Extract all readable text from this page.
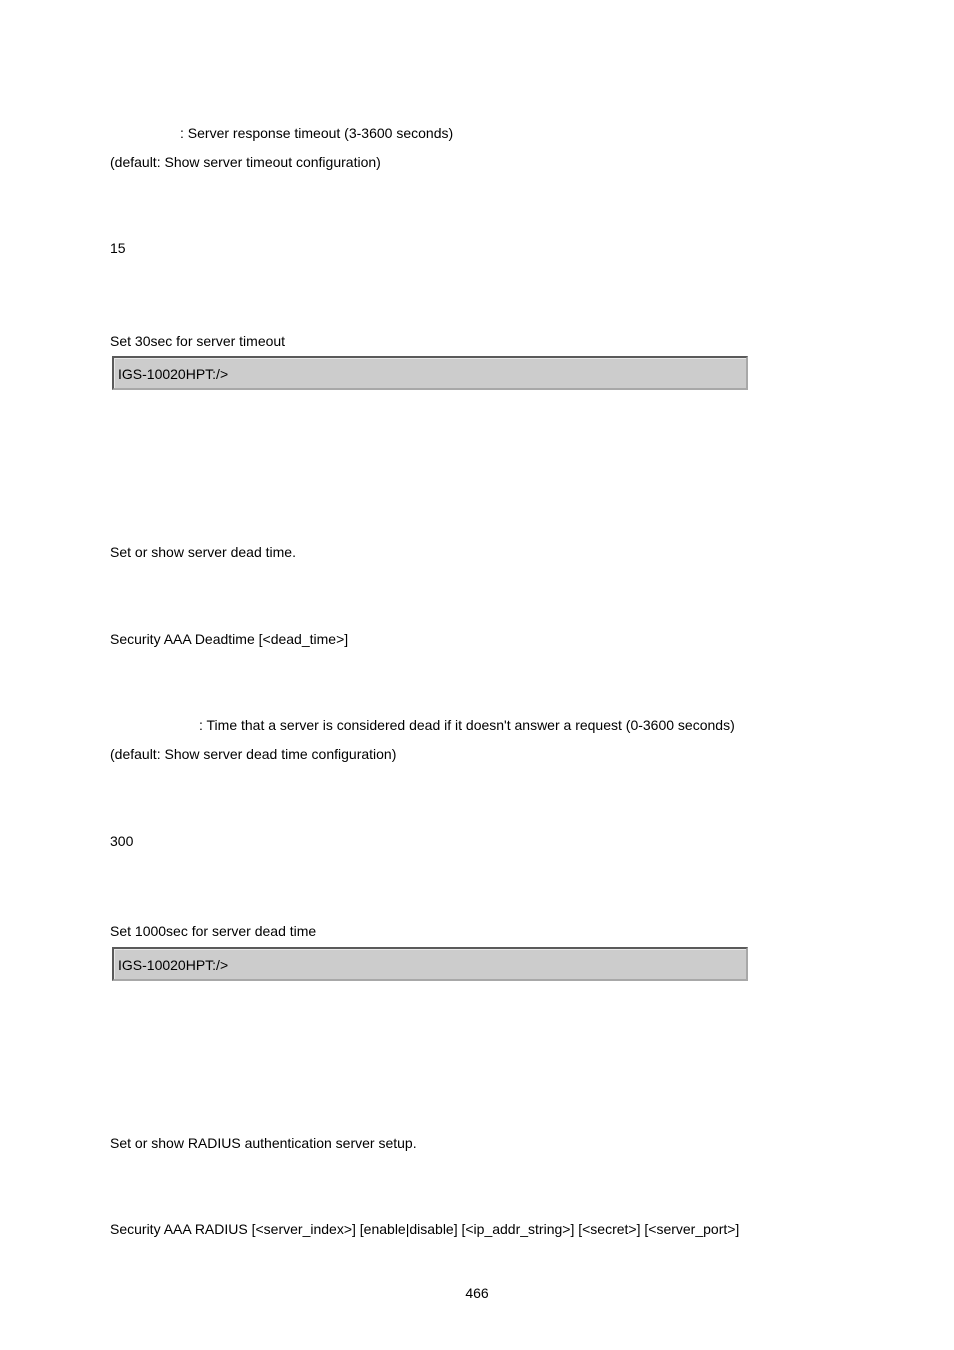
: Server response timeout (3-3600 seconds)
(default: Show server timeout configuration)
15
Set 30sec for server timeout
IGS-10020HPT:/>
Set or show server dead time.
Security AAA Deadtime [<dead_time>]
: Time that a server is considered dead if it doesn't answer a request (0-3600 seconds)
(default: Show server dead time configuration)
300
Set 1000sec for server dead time
IGS-10020HPT:/>
Set or show RADIUS authentication server setup.
Security AAA RADIUS [<server_index>] [enable|disable] [<ip_addr_string>] [<secret>] [<server_port>]
466
